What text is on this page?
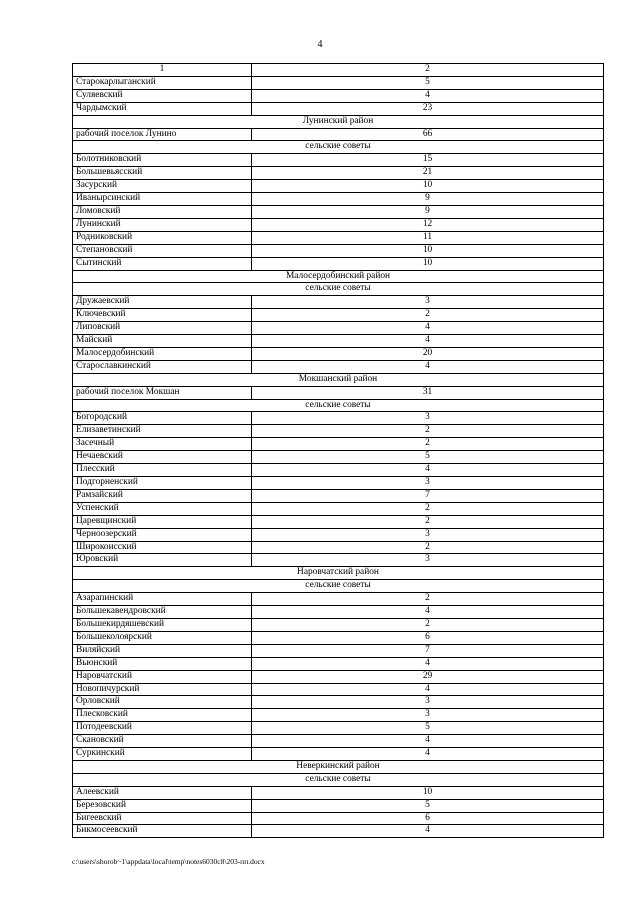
4
1	2
Старокарлыганский	5
Суляевский	4
Чардымский	23
Лунинский район	
рабочий поселок Лунино	66
сельские советы	
Болотниковский	15
Большевьясский	21
Засурский	10
Иванырсинский	9
Ломовский	9
Лунинский	12
Родниковский	11
Степановский	10
Сытинский	10
Малосердобинский район	
сельские советы	
Дружаевский	3
Ключевский	2
Липовский	4
Майский	4
Малосердобинский	20
Старославкинский	4
Мокшанский район	
рабочий поселок Мокшан	31
сельские советы	
Богородский	3
Елизаветинский	2
Засечный	2
Нечаевский	5
Плесский	4
Подгорненский	3
Рамзайский	7
Успенский	2
Царевщинский	2
Черноозерский	3
Широкоисский	2
Юровский	3
Наровчатский район	
сельские советы	
Азарапинский	2
Большекавендровский	4
Большекирдяшевский	2
Большеколоярский	6
Виляйский	7
Вьюнский	4
Наровчатский	29
Новопичурский	4
Орловский	3
Плесковский	3
Потодеевский	5
Скановский	4
Суркинский	4
Неверкинский район	
сельские советы	
Алеевский	10
Березовский	5
Бигеевский	6
Бикмосеевский	4
c:\users\shorob~1\appdata\local\temp\notes6030c8\203-пп.docx
